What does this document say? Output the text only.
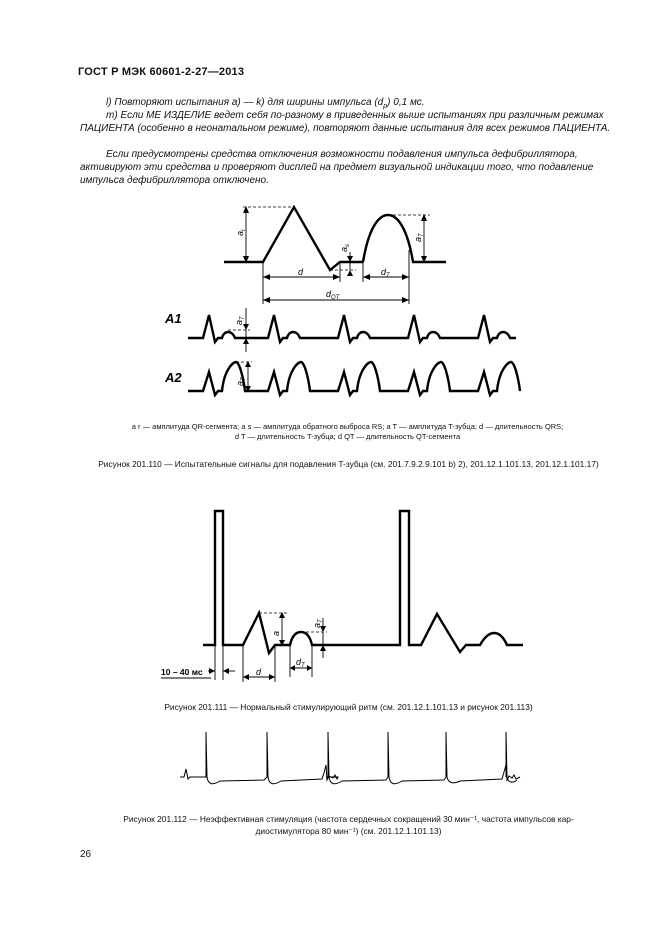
ГОСТ Р МЭК 60601-2-27—2013
l) Повторяют испытания а) — k) для ширины импульса $(d_р)$ 0,1 мс.
m) Если МЕ ИЗДЕЛИЕ ведет себя по-разному в приведенных выше испытаниях при различным режимах ПАЦИЕНТА (особенно в неонатальном режиме), повторяют данные испытания для всех режимов ПАЦИЕНТА.
Если предусмотрены средства отключения возможности подавления импульса дефибриллятора, активируют эти средства и проверяют дисплей на предмет визуальной индикации того, что подавление импульса дефибриллятора отключено.
$a_r$
$a_s$
$a_T$
d	$d_T$
$d_{QT}$
A1	$a_T$
A2	$a_T$
10 – 40 мс	d
a
$d_T$
$a_T$
a r — амплитуда QR-сегмента; a s — амплитуда обратного выброса RS; a T — амплитуда T-зубца; d — длительность QRS;
d T — длительность T-зубца; d QT — длительность QT-сегмента
Рисунок 201.110 — Испытательные сигналы для подавления T-зубца (см. 201.7.9.2.9.101 b) 2), 201.12.1.101.13, 201.12.1.101.17)
Рисунок 201.111 — Нормальный стимулирующий ритм (см. 201.12.1.101.13 и рисунок 201.113)
Рисунок 201.112 — Неэффективная стимуляция (частота сердечных сокращений 30 мин⁻¹, частота импульсов кар-
диостимулятора 80 мин⁻¹) (см. 201.12.1.101.13)
26
